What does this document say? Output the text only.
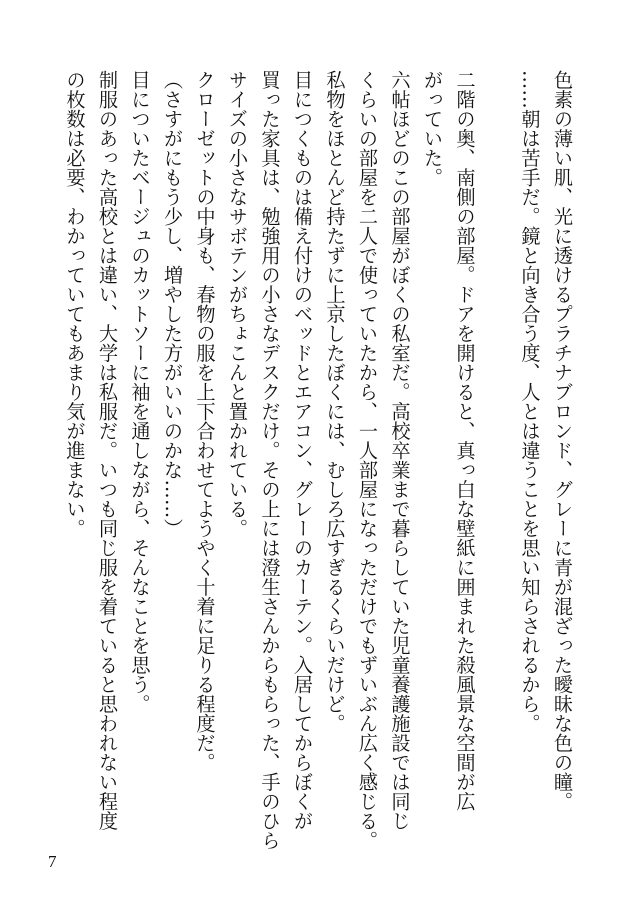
色素の薄い肌、光に透けるプラチナブロンド、グレーに青が混ざった曖昧な色の瞳。
……朝は苦手だ。鏡と向き合う度、人とは違うことを思い知らされるから。

二階の奥、南側の部屋。ドアを開けると、真っ白な壁紙に囲まれた殺風景な空間が広
がっていた。
六帖ほどのこの部屋がぼくの私室だ。高校卒業まで暮らしていた児童養護施設では同じ
くらいの部屋を二人で使っていたから、一人部屋になっただけでもずいぶん広く感じる。
私物をほとんど持たずに上京したぼくには、むしろ広すぎるくらいだけど。
目につくものは備え付けのベッドとエアコン、グレーのカーテン。入居してからぼくが
買った家具は、勉強用の小さなデスクだけ。その上には澄生さんからもらった、手のひら
サイズの小さなサボテンがちょこんと置かれている。
クローゼットの中身も、春物の服を上下合わせてようやく十着に足りる程度だ。
（さすがにもう少し、増やした方がいいのかな……）
目についたベージュのカットソーに袖を通しながら、そんなことを思う。
制服のあった高校とは違い、大学は私服だ。いつも同じ服を着ていると思われない程度
の枚数は必要、わかっていてもあまり気が進まない。
7
